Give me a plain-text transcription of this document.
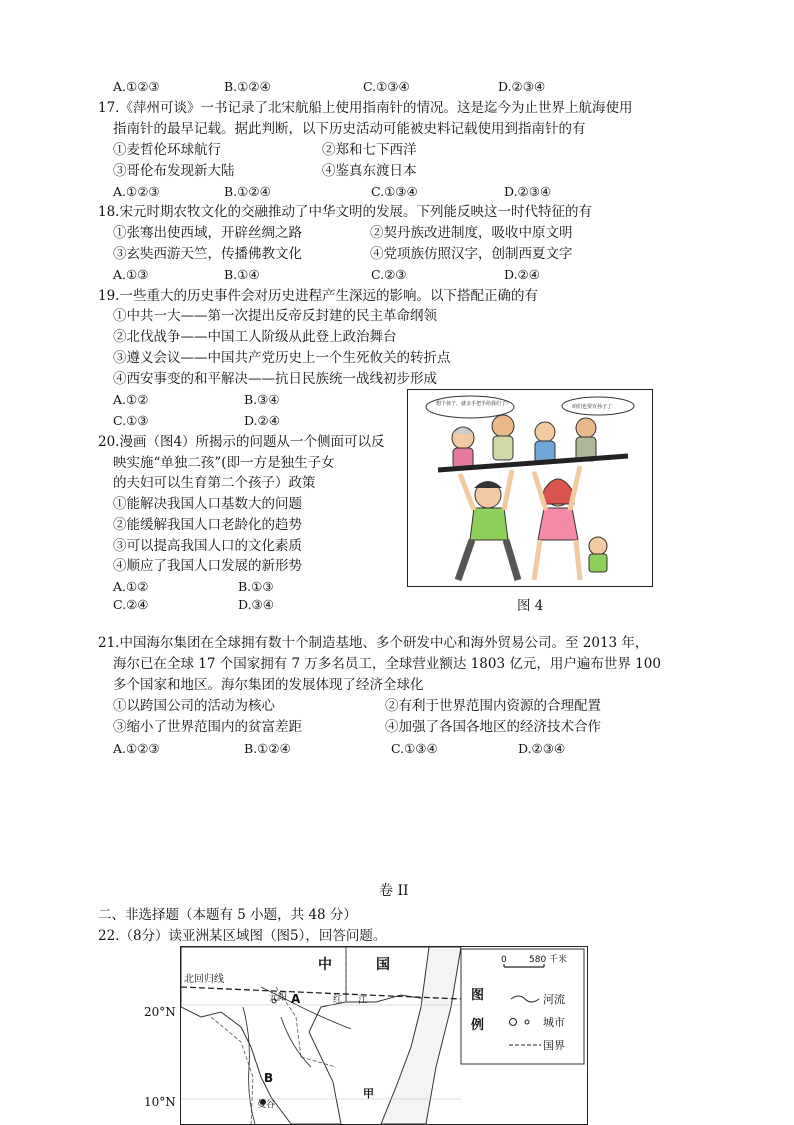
A.①②③	B.①②④	C.①③④	D.②③④
17.《萍州可谈》一书记录了北宋航船上使用指南针的情况。这是迄今为止世界上航海使用
指南针的最早记载。据此判断，以下历史活动可能被史料记载使用到指南针的有
①麦哲伦环球航行	②郑和七下西洋
③哥伦布发现新大陆	④鉴真东渡日本
A.①②③	B.①②④	C.①③④	D.②③④
18.宋元时期农牧文化的交融推动了中华文明的发展。下列能反映这一时代特征的有
①张骞出使西域，开辟丝绸之路	②契丹族改进制度，吸收中原文明
③玄奘西游天竺，传播佛教文化	④党项族仿照汉字，创制西夏文字
A.①③	B.①④	C.②③	D.②④
19.一些重大的历史事件会对历史进程产生深远的影响。以下搭配正确的有
①中共一大——第一次提出反帝反封建的民主革命纲领
②北伐战争——中国工人阶级从此登上政治舞台
③遵义会议——中国共产党历史上一个生死攸关的转折点
④西安事变的和平解决——抗日民族统一战线初步形成
A.①②	B.③④
C.①③	D.②④
20.漫画（图4）所揭示的问题从一个侧面可以反
映实施“单独二孩”(即一方是独生子女
的夫妇可以生育第二个孩子）政策
①能解决我国人口基数大的问题
②能缓解我国人口老龄化的趋势
③可以提高我国人口的文化素质
④顺应了我国人口发展的新形势
A.①②	B.①③
C.②④	D.③④
想个孩子，就亲手把手给我们了！	咱们也要有孙子了
图 4
21.中国海尔集团在全球拥有数十个制造基地、多个研发中心和海外贸易公司。至 2013 年，
海尔已在全球 17 个国家拥有 7 万多名员工，全球营业额达 1803 亿元，用户遍布世界 100
多个国家和地区。海尔集团的发展体现了经济全球化
①以跨国公司的活动为核心	②有利于世界范围内资源的合理配置
③缩小了世界范围内的贫富差距	④加强了各国各地区的经济技术合作
A.①②③	B.①②④	C.①③④	D.②③④
卷 II
二、非选择题（本题有 5 小题，共 48 分）
22.（8分）读亚洲某区域图（图5），回答问题。
20°N
10°N
北回归线
中	国
元阳	红 江
A
B
甲
曼谷
0 580 千米
图
例
河流
城市
国界
